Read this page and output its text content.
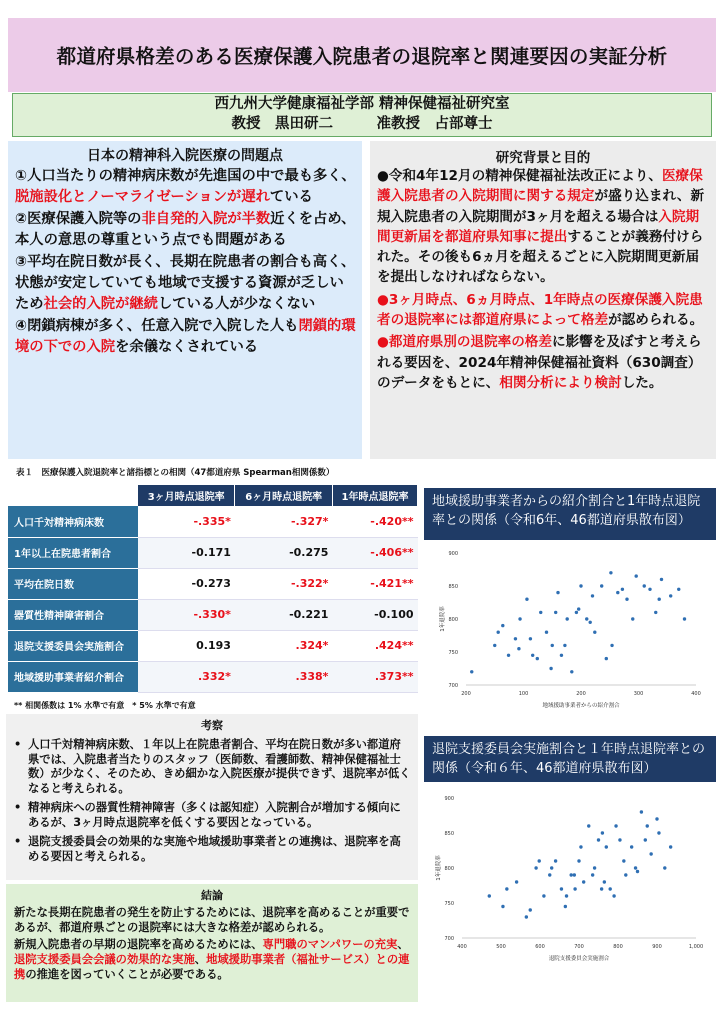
都道府県格差のある医療保護入院患者の退院率と関連要因の実証分析
西九州大学健康福祉学部 精神保健福祉研究室
教授　黒田研二　　　准教授　占部尊士
日本の精神科入院医療の問題点
①人口当たりの精神病床数が先進国の中で最も多く、脱施設化とノーマライゼーションが遅れている
②医療保護入院等の非自発的入院が半数近くを占め、本人の意思の尊重という点でも問題がある
③平均在院日数が長く、長期在院患者の割合も高く、状態が安定していても地域で支援する資源が乏しいため社会的入院が継続している人が少なくない
④閉鎖病棟が多く、任意入院で入院した人も閉鎖的環境の下での入院を余儀なくされている
研究背景と目的
●令和4年12月の精神保健福祉法改正により、医療保護入院患者の入院期間に関する規定が盛り込まれ、新規入院患者の入院期間が3ヶ月を超える場合は入院期間更新届を都道府県知事に提出することが義務付けられた。その後も6ヵ月を超えるごとに入院期間更新届を提出しなければならない。
●3ヶ月時点、6ヵ月時点、1年時点の医療保護入院患者の退院率には都道府県によって格差が認められる。
●都道府県別の退院率の格差に影響を及ぼすと考えられる要因を、2024年精神保健福祉資料（630調査）のデータをもとに、相関分析により検討した。
表１　医療保護入院退院率と諸指標との相関（47都道府県 Spearman相関係数）
	3ヶ月時点退院率	6ヶ月時点退院率	1年時点退院率
人口千対精神病床数	-.335*	-.327*	-.420**
1年以上在院患者割合	-0.171	-0.275	-.406**
平均在院日数	-0.273	-.322*	-.421**
器質性精神障害割合	-.330*	-0.221	-0.100
退院支援委員会実施割合	0.193	.324*	.424**
地域援助事業者紹介割合	.332*	.338*	.373**
** 相関係数は 1% 水準で有意　* 5% 水準で有意
地域援助事業者からの紹介割合と1年時点退院率との関係（令和6年、46都道府県散布図）
200	100	200	300	400
900
850
800
750
700
地域援助事業者からの紹介割合
1年退院率
退院支援委員会実施割合と１年時点退院率との関係（令和６年、46都道府県散布図）
400	500	600	700	800	900	1,000
900
850
800
750
700
退院支援委員会実施割合
1年退院率
考察
• 人口千対精神病床数、１年以上在院患者割合、平均在院日数が多い都道府県では、入院患者当たりのスタッフ（医師数、看護師数、精神保健福祉士数）が少なく、そのため、きめ細かな入院医療が提供できず、退院率が低くなると考えられる。
• 精神病床への器質性精神障害（多くは認知症）入院割合が増加する傾向にあるが、3ヶ月時点退院率を低くする要因となっている。
• 退院支援委員会の効果的な実施や地域援助事業者との連携は、退院率を高める要因と考えられる。
結論
新たな長期在院患者の発生を防止するためには、退院率を高めることが重要であるが、都道府県ごとの退院率には大きな格差が認められる。
新規入院患者の早期の退院率を高めるためには、専門職のマンパワーの充実、退院支援委員会会議の効果的な実施、地域援助事業者（福祉サービス）との連携の推進を図っていくことが必要である。
